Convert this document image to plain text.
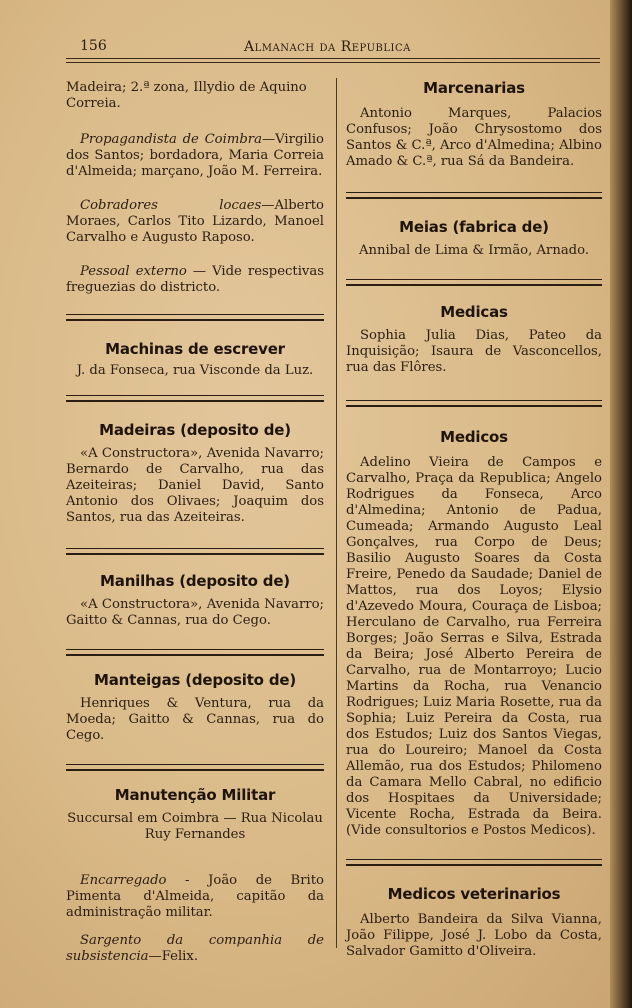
156	Almanach da Republica

Madeira; 2.ª zona, Illydio de Aquino
Correia.

Propagandista de Coimbra—Virgilio dos Santos; bordadora, Maria Correia d'Almeida; marçano, João M. Ferreira.

Cobradores locaes—Alberto Moraes, Carlos Tito Lizardo, Manoel Carvalho e Augusto Raposo.

Pessoal externo — Vide respectivas freguezias do districto.

Machinas de escrever

J. da Fonseca, rua Visconde da Luz.

Madeiras (deposito de)

«A Constructora», Avenida Navarro; Bernardo de Carvalho, rua das Azeiteiras; Daniel David, Santo Antonio dos Olivaes; Joaquim dos Santos, rua das Azeiteiras.

Manilhas (deposito de)

«A Constructora», Avenida Navarro; Gaitto & Cannas, rua do Cego.

Manteigas (deposito de)

Henriques & Ventura, rua da Moeda; Gaitto & Cannas, rua do Cego.

Manutenção Militar

Succursal em Coimbra — Rua Nicolau
Ruy Fernandes

Encarregado - João de Brito Pimenta d'Almeida, capitão da administração militar.

Sargento da companhia de subsistencia—Felix.

Marcenarias

Antonio Marques, Palacios Confusos; João Chrysostomo dos Santos & C.ª, Arco d'Almedina; Albino Amado & C.ª, rua Sá da Bandeira.

Meias (fabrica de)

Annibal de Lima & Irmão, Arnado.

Medicas

Sophia Julia Dias, Pateo da Inquisição; Isaura de Vasconcellos, rua das Flôres.

Medicos

Adelino Vieira de Campos e Carvalho, Praça da Republica; Angelo Rodrigues da Fonseca, Arco d'Almedina; Antonio de Padua, Cumeada; Armando Augusto Leal Gonçalves, rua Corpo de Deus; Basilio Augusto Soares da Costa Freire, Penedo da Saudade; Daniel de Mattos, rua dos Loyos; Elysio d'Azevedo Moura, Couraça de Lisboa; Herculano de Carvalho, rua Ferreira Borges; João Serras e Silva, Estrada da Beira; José Alberto Pereira de Carvalho, rua de Montarroyo; Lucio Martins da Rocha, rua Venancio Rodrigues; Luiz Maria Rosette, rua da Sophia; Luiz Pereira da Costa, rua dos Estudos; Luiz dos Santos Viegas, rua do Loureiro; Manoel da Costa Allemão, rua dos Estudos; Philomeno da Camara Mello Cabral, no edificio dos Hospitaes da Universidade; Vicente Rocha, Estrada da Beira. (Vide consultorios e Postos Medicos).

Medicos veterinarios

Alberto Bandeira da Silva Vianna, João Filippe, José J. Lobo da Costa, Salvador Gamitto d'Oliveira.
